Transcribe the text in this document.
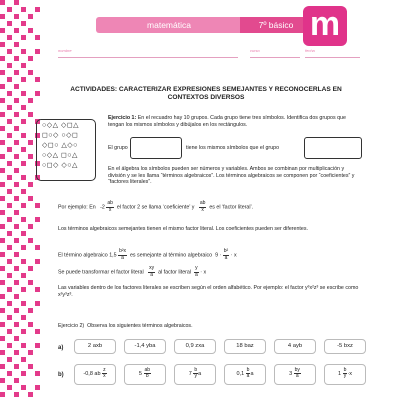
matemática	7º básico m
nombre	curso	fecha
ACTIVIDADES: CARACTERIZAR EXPRESIONES SEMEJANTES Y RECONOCERLAS EN CONTEXTOS DIVERSOS
○◇△ ◇◻△
◻○◇ ○◇◻
◇◻○ △◇○
○◇△ ◻○△
○◻◇ ◇○△
Ejercicio 1: En el recuadro hay 10 grupos. Cada grupo tiene tres símbolos. Identifica dos grupos que tengan los mismos símbolos y dibújalos en los rectángulos.
El grupo	tiene los mismos símbolos que el grupo
En el álgebra los símbolos pueden ser números y variables. Ambos se combinan por multiplicación y división y se les llama “términos algebraicos”. Los términos algebraicos se componen por “coeficientes” y “factores literales”.
Por ejemplo: En $-2 \frac{ab}{x}$ el factor 2 se llama ‘coeficiente’ y $\frac{ab}{x}$ es el ‘factor literal’.
Los términos algebraicos semejantes tienen el mismo factor literal. Los coeficientes pueden ser diferentes.
El término algebraico $1,5 \frac{\text{b²x}}{a}$ es semejante al término algebraico $9 \cdot \frac{\text{b²}}{a} \cdot x$
Se puede transformar el factor literal $\frac{xy}{a}$ al factor literal $\frac{y}{a} \cdot x$
Las variables dentro de los factores literales se escriben según el orden alfabético. Por ejemplo: el factor y³x²z³ se escribe como x²y³z³.
Ejercicio 2) Observa los siguientes términos algebraicos.
a)	2 axb	-1,4 yba	0,9 zxa	18 baz	4 ayb	-5 bxz
b)	-0,8 ab $\frac{z}{x}$	$5 \frac{ab}{b}$	$7 \frac{b}{y}$ a	$0,1 \frac{b}{a}$ a	$3 \frac{by}{a}$	$1 \frac{b}{y} \cdot x$
